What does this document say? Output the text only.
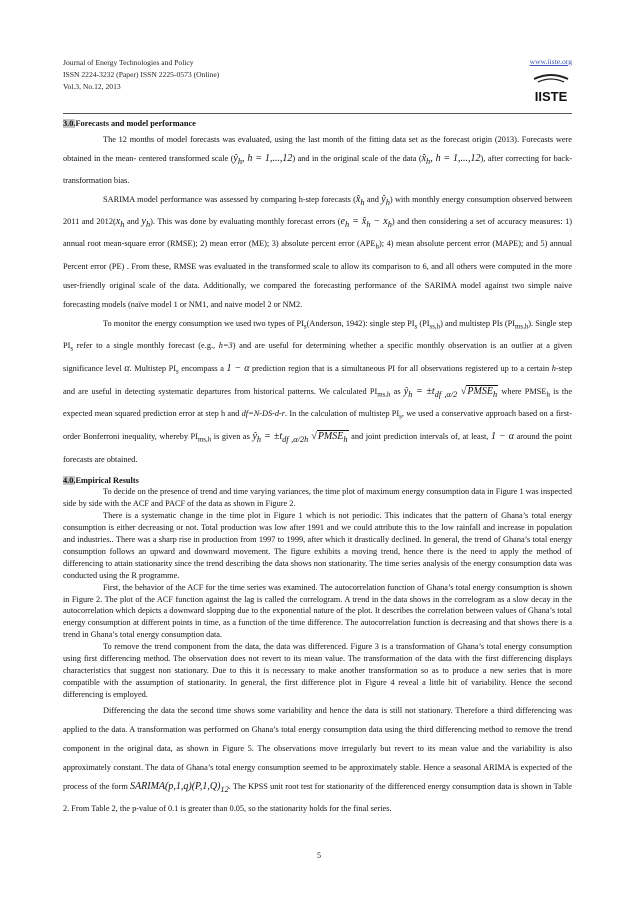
Journal of Energy Technologies and Policy
ISSN 2224-3232 (Paper) ISSN 2225-0573 (Online)
Vol.3, No.12, 2013
www.iiste.org
IISTE

3.0.Forecasts and model performance

The 12 months of model forecasts was evaluated, using the last month of the fitting data set as the forecast origin (2013). Forecasts were obtained in the mean- centered transformed scale ($ŷ_h$, h = 1,...,12) and in the original scale of the data ($x̂_h$, h = 1,...,12), after correcting for back-transformation bias.

SARIMA model performance was assessed by comparing h-step forecasts ($x̂_h$ and $ŷ_h$) with monthly energy consumption observed between 2011 and $2012(x_h$ and $y_h$). This was done by evaluating monthly forecast errors ($e_h$ = $x̂_h - x_h$) and then considering a set of accuracy measures: 1) annual root mean-square error (RMSE); 2) mean error (ME); 3) absolute percent error $(APE_h)$; 4) mean absolute percent error (MAPE); and 5) annual Percent error (PE) . From these, RMSE was evaluated in the transformed scale to allow its comparison to 6, and all others were computed in the more user-friendly original scale of the data. Additionally, we compared the forecasting performance of the SARIMA model against two simple naive forecasting models (naïve model 1 or NM1, and naive model 2 or NM2.

To monitor the energy consumption we used two types of $PI_s(Anderson$, 1942): single step $PI_s$ $(PI_{ss,h})$ and multistep PIs $(PI_{ms,h})$. Single step $PI_s$ refer to a single monthly forecast (e.g., h=3) and are useful for determining whether a specific monthly observation is an outlier at a given significance level α. Multistep $PI_s$ encompass a 1 − α prediction region that is a simultaneous PI for all observations registered up to a certain h-step and are useful in detecting systematic departures from historical patterns. We calculated $PI_{ms,h}$ as $ŷ_h = \pm t_{df ,\alpha/2}$ $√PMSE_h$ where $PMSE_h$ is the expected mean squared prediction error at step h and df=N-DS-d-r. In the calculation of multistep $PI_s$, we used a conservative approach based on a first-order Bonferroni inequality, whereby $PI_{ms,h}$ is given as $ŷ_h = \pm t_{df ,\alpha/2h}$ $√PMSE_h$ and joint prediction intervals of, at least, 1 − α around the point forecasts are obtained.

4.0.Empirical Results

To decide on the presence of trend and time varying variances, the time plot of maximum energy consumption data in Figure 1 was inspected side by side with the ACF and PACF of the data as shown in Figure 2.

There is a systematic change in the time plot in Figure 1 which is not periodic. This indicates that the pattern of Ghana’s total energy consumption is either decreasing or not. Total production was low after 1991 and we could attribute this to the low rainfall and increase in population and industries.. There was a sharp rise in production from 1997 to 1999, after which it drastically declined. In general, the trend of Ghana’s total energy consumption follows an upward and downward movement. The figure exhibits a moving trend, hence there is the need to apply the method of differencing to attain stationarity since the trend describing the data shows non stationarity. The time series analysis of the energy consumption data was conducted using the R programme.

First, the behavior of the ACF for the time series was examined. The autocorrelation function of Ghana’s total energy consumption is shown in Figure 2. The plot of the ACF function against the lag is called the correlogram. A trend in the data shows in the correlogram as a slow decay in the autocorrelation which depicts a downward slopping due to the exponential nature of the plot. It describes the correlation between values of Ghana’s total energy consumption at different points in time, as a function of the time difference. The autocorrelation function is decreasing and that shows there is a trend in Ghana’s total energy consumption data.

To remove the trend component from the data, the data was differenced. Figure 3 is a transformation of Ghana’s total energy consumption using first differencing method. The observation does not revert to its mean value. The transformation of the data with the first differencing displays characteristics that suggest non stationary. Due to this it is necessary to make another transformation so as to produce a new series that is more compatible with the assumption of stationarity. In general, the first difference plot in Figure 4 reveal a little bit of variability. Hence the second differencing is employed.

Differencing the data the second time shows some variability and hence the data is still not stationary. Therefore a third differencing was applied to the data. A transformation was performed on Ghana’s total energy consumption data using the third differencing method to remove the trend component in the original data, as shown in Figure 5. The observations move irregularly but revert to its mean value and the variability is also approximately constant. The data of Ghana’s total energy consumption seemed to be approximately stable. Hence a seasonal ARIMA is expected of the process of the form $SARIMA(p,1,q)(P,1,Q)_{12}$. The KPSS unit root test for stationarity of the differenced energy consumption data is shown in Table 2. From Table 2, the p-value of 0.1 is greater than 0.05, so the stationarity holds for the final series.

5
